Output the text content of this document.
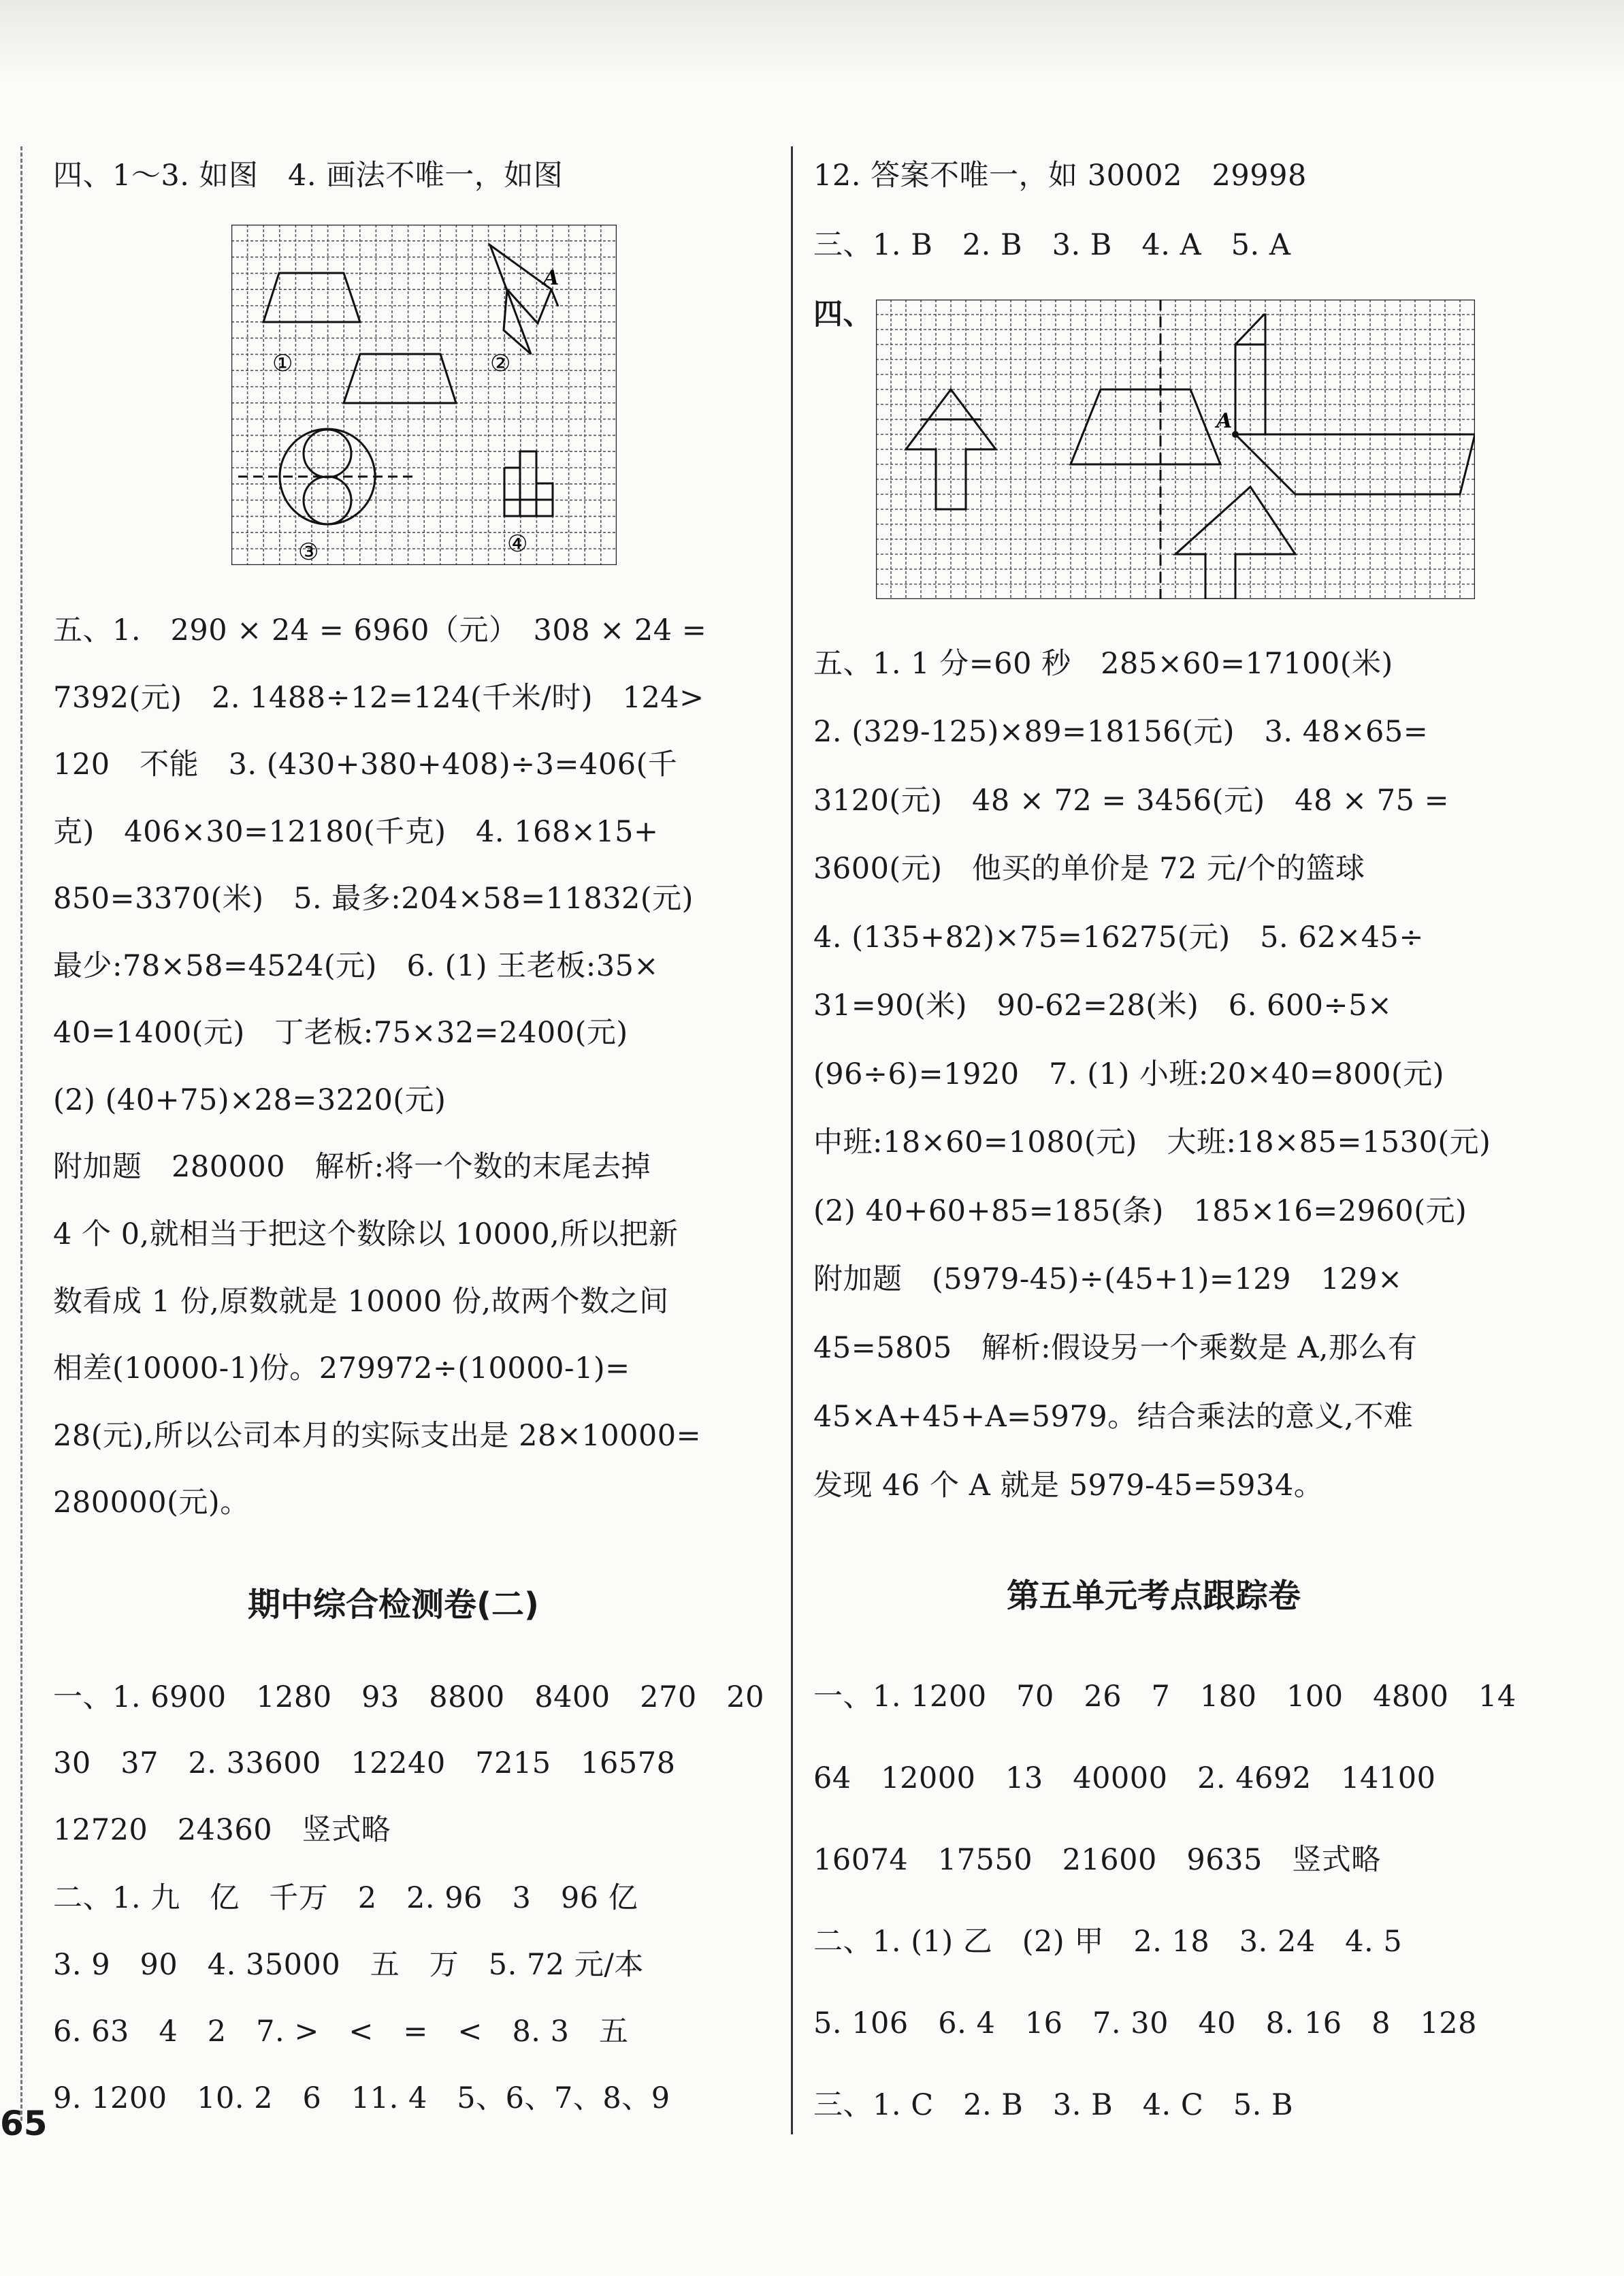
四、1～3. 如图　4. 画法不唯一，如图
①	②
③	④
A
五、1.　290 × 24 = 6960（元）　308 × 24 =
7392(元)　2. 1488÷12=124(千米/时)　124>
120　不能　3. (430+380+408)÷3=406(千
克)　406×30=12180(千克)　4. 168×15+
850=3370(米)　5. 最多:204×58=11832(元)
最少:78×58=4524(元)　6. (1) 王老板:35×
40=1400(元)　丁老板:75×32=2400(元)
(2) (40+75)×28=3220(元)
附加题　280000　解析:将一个数的末尾去掉
4 个 0,就相当于把这个数除以 10000,所以把新
数看成 1 份,原数就是 10000 份,故两个数之间
相差(10000-1)份。279972÷(10000-1)=
28(元),所以公司本月的实际支出是 28×10000=
280000(元)。
期中综合检测卷(二)
一、1. 6900　1280　93　8800　8400　270　20
30　37　2. 33600　12240　7215　16578
12720　24360　竖式略
二、1. 九　亿　千万　2　2. 96　3　96 亿
3. 9　90　4. 35000　五　万　5. 72 元/本
6. 63　4　2　7. >　<　=　<　8. 3　五
9. 1200　10. 2　6　11. 4　5、6、7、8、9
65
12. 答案不唯一，如 30002　29998
三、1. B　2. B　3. B　4. A　5. A
四、
A
五、1. 1 分=60 秒　285×60=17100(米)
2. (329-125)×89=18156(元)　3. 48×65=
3120(元)　48 × 72 = 3456(元)　48 × 75 =
3600(元)　他买的单价是 72 元/个的篮球
4. (135+82)×75=16275(元)　5. 62×45÷
31=90(米)　90-62=28(米)　6. 600÷5×
(96÷6)=1920　7. (1) 小班:20×40=800(元)
中班:18×60=1080(元)　大班:18×85=1530(元)
(2) 40+60+85=185(条)　185×16=2960(元)
附加题　(5979-45)÷(45+1)=129　129×
45=5805　解析:假设另一个乘数是 A,那么有
45×A+45+A=5979。结合乘法的意义,不难
发现 46 个 A 就是 5979-45=5934。
第五单元考点跟踪卷
一、1. 1200　70　26　7　180　100　4800　14
64　12000　13　40000　2. 4692　14100
16074　17550　21600　9635　竖式略
二、1. (1) 乙　(2) 甲　2. 18　3. 24　4. 5
5. 106　6. 4　16　7. 30　40　8. 16　8　128
三、1. C　2. B　3. B　4. C　5. B
